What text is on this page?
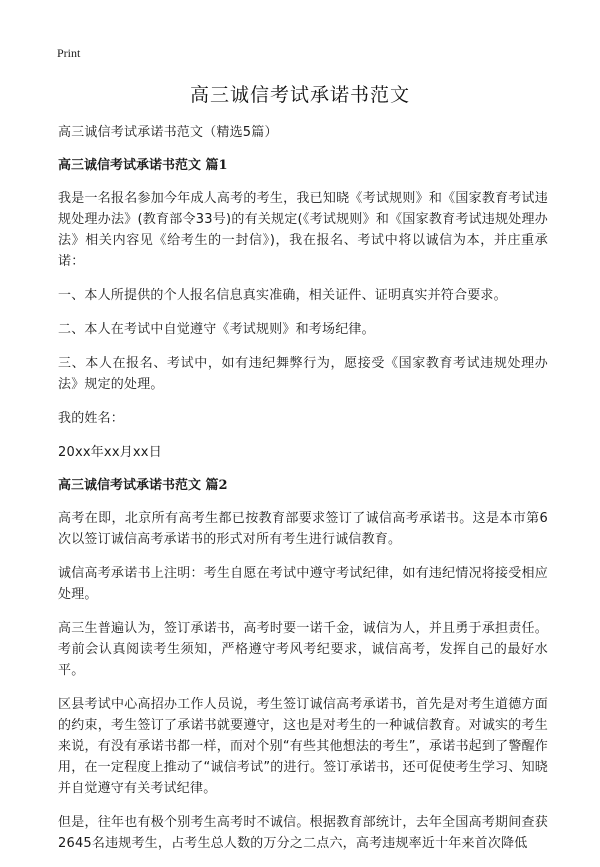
Print
高三诚信考试承诺书范文

高三诚信考试承诺书范文（精选5篇）

高三诚信考试承诺书范文 篇1

我是一名报名参加今年成人高考的考生，我已知晓《考试规则》和《国家教育考试违规处理办法》(教育部令33号)的有关规定(《考试规则》和《国家教育考试违规处理办法》相关内容见《给考生的一封信》)，我在报名、考试中将以诚信为本，并庄重承诺：

一、本人所提供的个人报名信息真实准确，相关证件、证明真实并符合要求。

二、本人在考试中自觉遵守《考试规则》和考场纪律。

三、本人在报名、考试中，如有违纪舞弊行为，愿接受《国家教育考试违规处理办法》规定的处理。

我的姓名：

20xx年xx月xx日

高三诚信考试承诺书范文 篇2

高考在即，北京所有高考生都已按教育部要求签订了诚信高考承诺书。这是本市第6次以签订诚信高考承诺书的形式对所有考生进行诚信教育。

诚信高考承诺书上注明：考生自愿在考试中遵守考试纪律，如有违纪情况将接受相应处理。

高三生普遍认为，签订承诺书，高考时要一诺千金，诚信为人，并且勇于承担责任。考前会认真阅读考生须知，严格遵守考风考纪要求，诚信高考，发挥自己的最好水平。

区县考试中心高招办工作人员说，考生签订诚信高考承诺书，首先是对考生道德方面的约束，考生签订了承诺书就要遵守，这也是对考生的一种诚信教育。对诚实的考生来说，有没有承诺书都一样，而对个别“有些其他想法的考生”，承诺书起到了警醒作用，在一定程度上推动了“诚信考试”的进行。签订承诺书，还可促使考生学习、知晓并自觉遵守有关考试纪律。

但是，往年也有极个别考生高考时不诚信。根据教育部统计，去年全国高考期间查获2645名违规考生，占考生总人数的万分之二点六，高考违规率近十年来首次降低
